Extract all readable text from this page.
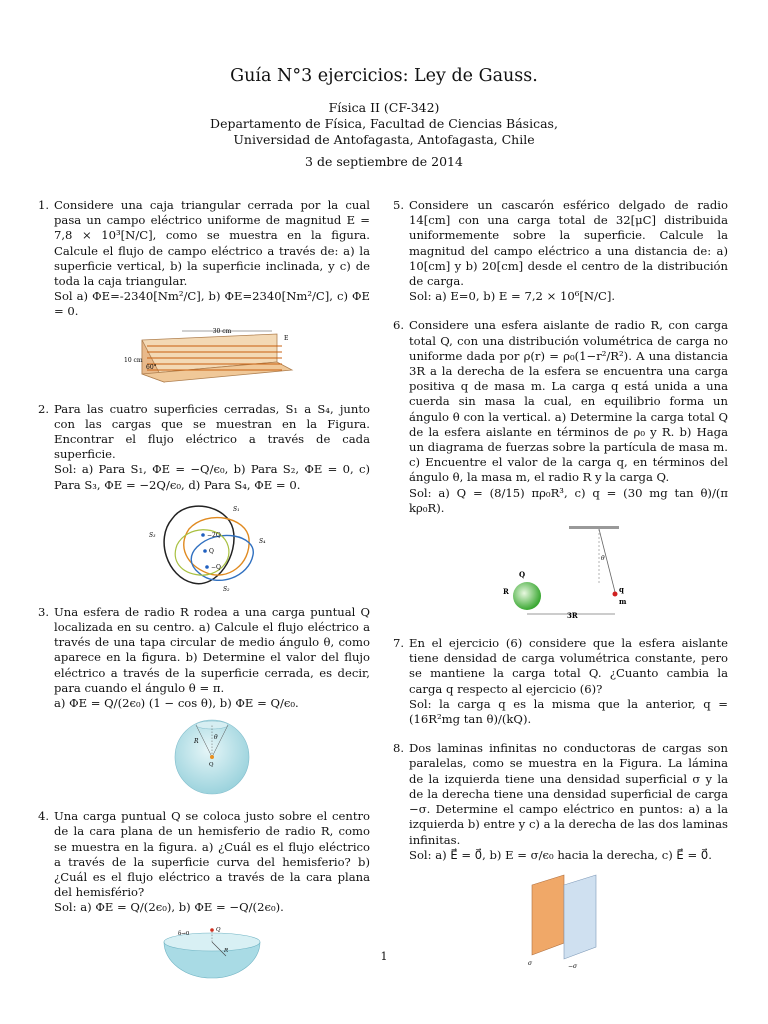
Guía N°3 ejercicios: Ley de Gauss.
Física II (CF-342)
Departamento de Física, Facultad de Ciencias Básicas,
Universidad de Antofagasta, Antofagasta, Chile
3 de septiembre de 2014
1. Considere una caja triangular cerrada por la cual pasa un campo eléctrico uniforme de magnitud E = 7,8 × 10³[N/C], como se muestra en la figura. Calcule el flujo de campo eléctrico a través de: a) la superficie vertical, b) la superficie inclinada, y c) de toda la caja triangular.

Sol a) ΦE=-2340[Nm²/C], b) ΦE=2340[Nm²/C], c) ΦE = 0.

30 cm
E
10 cm
60°
2. Para las cuatro superficies cerradas, S₁ a S₄, junto con las cargas que se muestran en la Figura. Encontrar el flujo eléctrico a través de cada superficie.

Sol: a) Para S₁, ΦE = −Q/ϵ₀, b) Para S₂, ΦE = 0, c) Para S₃, ΦE = −2Q/ϵ₀, d) Para S₄, ΦE = 0.

S₁
S₂
S₃
S₄
−2Q
Q
−Q
3. Una esfera de radio R rodea a una carga puntual Q localizada en su centro. a) Calcule el flujo eléctrico a través de una tapa circular de medio ángulo θ, como aparece en la figura. b) Determine el valor del flujo eléctrico a través de la superficie cerrada, es decir, para cuando el ángulo θ = π.

a) ΦE = Q/(2ϵ₀) (1 − cos θ), b) ΦE = Q/ϵ₀.

R
θ
Q
4. Una carga puntual Q se coloca justo sobre el centro de la cara plana de un hemisferio de radio R, como se muestra en la figura. a) ¿Cuál es el flujo eléctrico a través de la superficie curva del hemisferio? b) ¿Cuál es el flujo eléctrico a través de la cara plana del hemisfério?

Sol: a) ΦE = Q/(2ϵ₀), b) ΦE = −Q/(2ϵ₀).

δ→0
Q
R
5. Considere un cascarón esférico delgado de radio 14[cm] con una carga total de 32[μC] distribuida uniformemente sobre la superficie. Calcule la magnitud del campo eléctrico a una distancia de: a) 10[cm] y b) 20[cm] desde el centro de la distribución de carga.

Sol: a) E=0, b) E = 7,2 × 10⁶[N/C].

6. Considere una esfera aislante de radio R, con carga total Q, con una distribución volumétrica de carga no uniforme dada por ρ(r) = ρ₀(1−r²/R²). A una distancia 3R a la derecha de la esfera se encuentra una carga positiva q de masa m. La carga q está unida a una cuerda sin masa la cual, en equilibrio forma un ángulo θ con la vertical. a) Determine la carga total Q de la esfera aislante en términos de ρ₀ y R. b) Haga un diagrama de fuerzas sobre la partícula de masa m. c) Encuentre el valor de la carga q, en términos del ángulo θ, la masa m, el radio R y la carga Q.

Sol: a) Q = (8/15) πρ₀R³, c) q = (30 mg tan θ)/(π kρ₀R).

Q
R
θ
q
m
3R
7. En el ejercicio (6) considere que la esfera aislante tiene densidad de carga volumétrica constante, pero se mantiene la carga total Q. ¿Cuanto cambia la carga q respecto al ejercicio (6)?

Sol: la carga q es la misma que la anterior, q = (16R²mg tan θ)/(kQ).

8. Dos laminas infinitas no conductoras de cargas son paralelas, como se muestra en la Figura. La lámina de la izquierda tiene una densidad superficial σ y la de la derecha tiene una densidad superficial de carga −σ. Determine el campo eléctrico en puntos: a) a la izquierda b) entre y c) a la derecha de las dos laminas infinitas.

Sol: a) E⃗ = 0⃗, b) E = σ/ϵ₀ hacia la derecha, c) E⃗ = 0⃗.

σ	−σ
1
